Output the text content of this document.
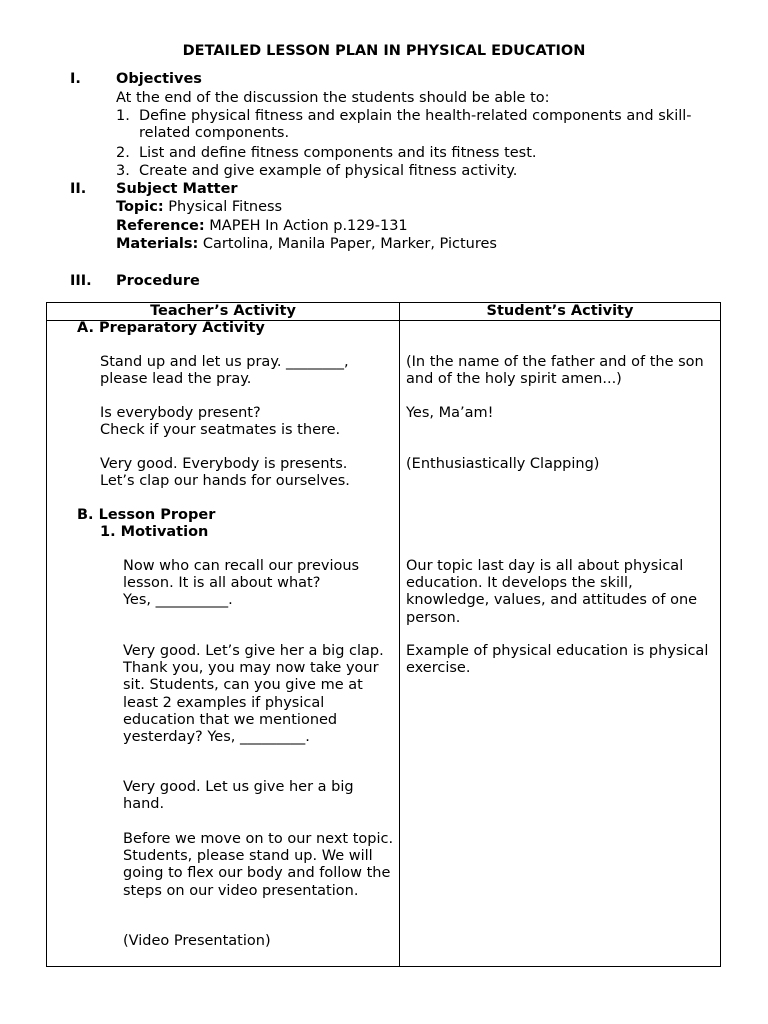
DETAILED LESSON PLAN IN PHYSICAL EDUCATION
I. Objectives
At the end of the discussion the students should be able to:
1. Define physical fitness and explain the health-related components and skill-related components.
2. List and define fitness components and its fitness test.
3. Create and give example of physical fitness activity.
II. Subject Matter
Topic: Physical Fitness
Reference: MAPEH In Action p.129-131
Materials: Cartolina, Manila Paper, Marker, Pictures
III. Procedure
Teacher’s Activity	Student’s Activity
A. Preparatory Activity
Stand up and let us pray. ________, please lead the pray.
(In the name of the father and of the son and of the holy spirit amen...)
Is everybody present?
Check if your seatmates is there.
Yes, Ma’am!
Very good. Everybody is presents. Let’s clap our hands for ourselves.
(Enthusiastically Clapping)
B. Lesson Proper
1. Motivation
Now who can recall our previous lesson. It is all about what?
Yes, __________.
Our topic last day is all about physical education. It develops the skill, knowledge, values, and attitudes of one person.
Very good. Let’s give her a big clap.
Thank you, you may now take your sit. Students, can you give me at least 2 examples if physical education that we mentioned yesterday? Yes, _________.
Example of physical education is physical exercise.
Very good. Let us give her a big hand.
Before we move on to our next topic. Students, please stand up. We will going to flex our body and follow the steps on our video presentation.
(Video Presentation)
